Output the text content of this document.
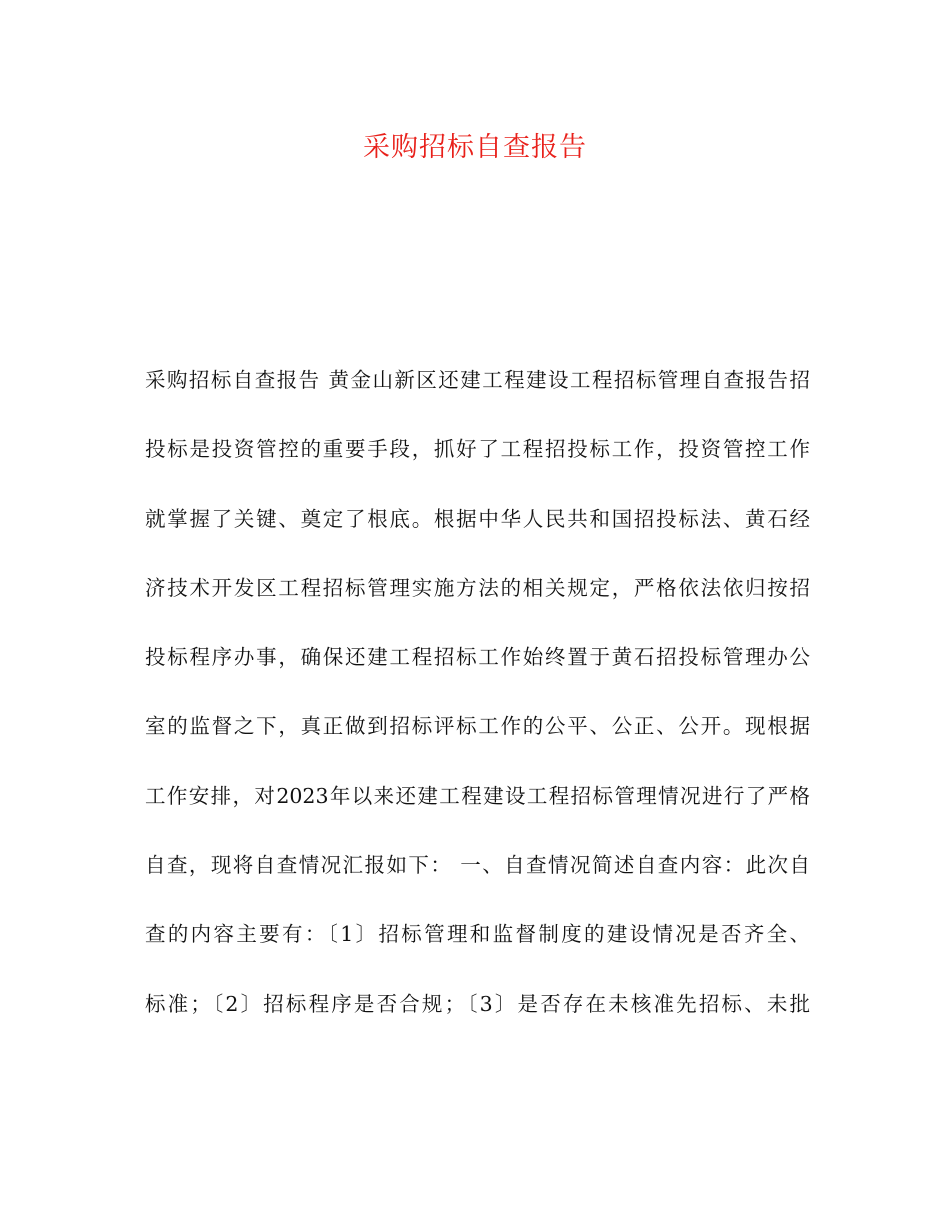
采购招标自查报告
采购招标自查报告 黄金山新区还建工程建设工程招标管理自查报告招
投标是投资管控的重要手段，抓好了工程招投标工作，投资管控工作
就掌握了关键、奠定了根底。根据中华人民共和国招投标法、黄石经
济技术开发区工程招标管理实施方法的相关规定，严格依法依归按招
投标程序办事，确保还建工程招标工作始终置于黄石招投标管理办公
室的监督之下，真正做到招标评标工作的公平、公正、公开。现根据
工作安排，对2023年以来还建工程建设工程招标管理情况进行了严格
自查，现将自查情况汇报如下： 一、自查情况简述自查内容：此次自
查的内容主要有：〔1〕招标管理和监督制度的建设情况是否齐全、
标准；〔2〕招标程序是否合规；〔3〕是否存在未核准先招标、未批
